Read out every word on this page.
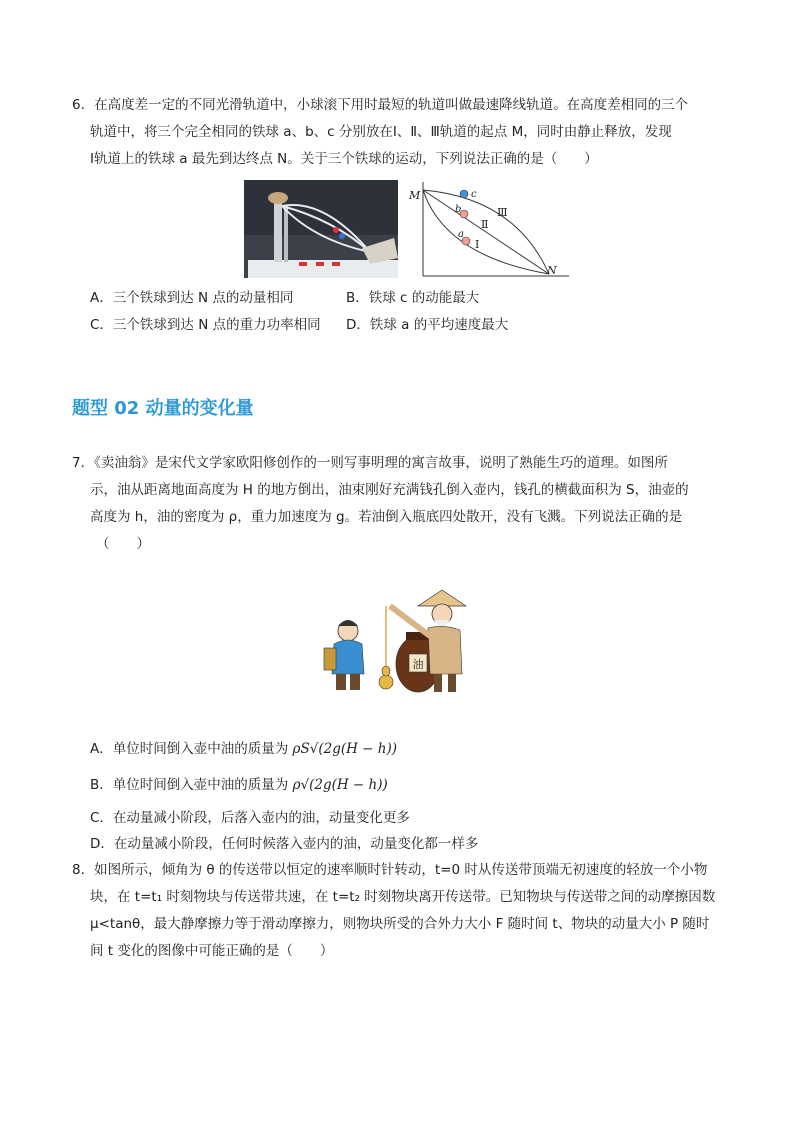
6．在高度差一定的不同光滑轨道中，小球滚下用时最短的轨道叫做最速降线轨道。在高度差相同的三个
轨道中，将三个完全相同的铁球 a、b、c 分别放在Ⅰ、Ⅱ、Ⅲ轨道的起点 M，同时由静止释放，发现
Ⅰ轨道上的铁球 a 最先到达终点 N。关于三个铁球的运动，下列说法正确的是（　　）
M
N
c
b
a
Ⅰ
Ⅱ
Ⅲ
A．三个铁球到达 N 点的动量相同	B．铁球 c 的动能最大
C．三个铁球到达 N 点的重力功率相同 D．铁球 a 的平均速度最大
题型 02 动量的变化量
7．《卖油翁》是宋代文学家欧阳修创作的一则写事明理的寓言故事，说明了熟能生巧的道理。如图所
示，油从距离地面高度为 H 的地方倒出，油束刚好充满钱孔倒入壶内，钱孔的横截面积为 S，油壶的
高度为 h，油的密度为 ρ，重力加速度为 g。若油倒入瓶底四处散开，没有飞溅。下列说法正确的是
（　　）
油
A．单位时间倒入壶中油的质量为 ρS√(2g(H − h))
B．单位时间倒入壶中油的质量为 ρ√(2g(H − h))
C．在动量减小阶段，后落入壶内的油，动量变化更多
D．在动量减小阶段，任何时候落入壶内的油，动量变化都一样多
8．如图所示，倾角为 θ 的传送带以恒定的速率顺时针转动，t=0 时从传送带顶端无初速度的轻放一个小物
块，在 t=t₁ 时刻物块与传送带共速，在 t=t₂ 时刻物块离开传送带。已知物块与传送带之间的动摩擦因数
μ<tanθ，最大静摩擦力等于滑动摩擦力，则物块所受的合外力大小 F 随时间 t、物块的动量大小 P 随时
间 t 变化的图像中可能正确的是（　　）
